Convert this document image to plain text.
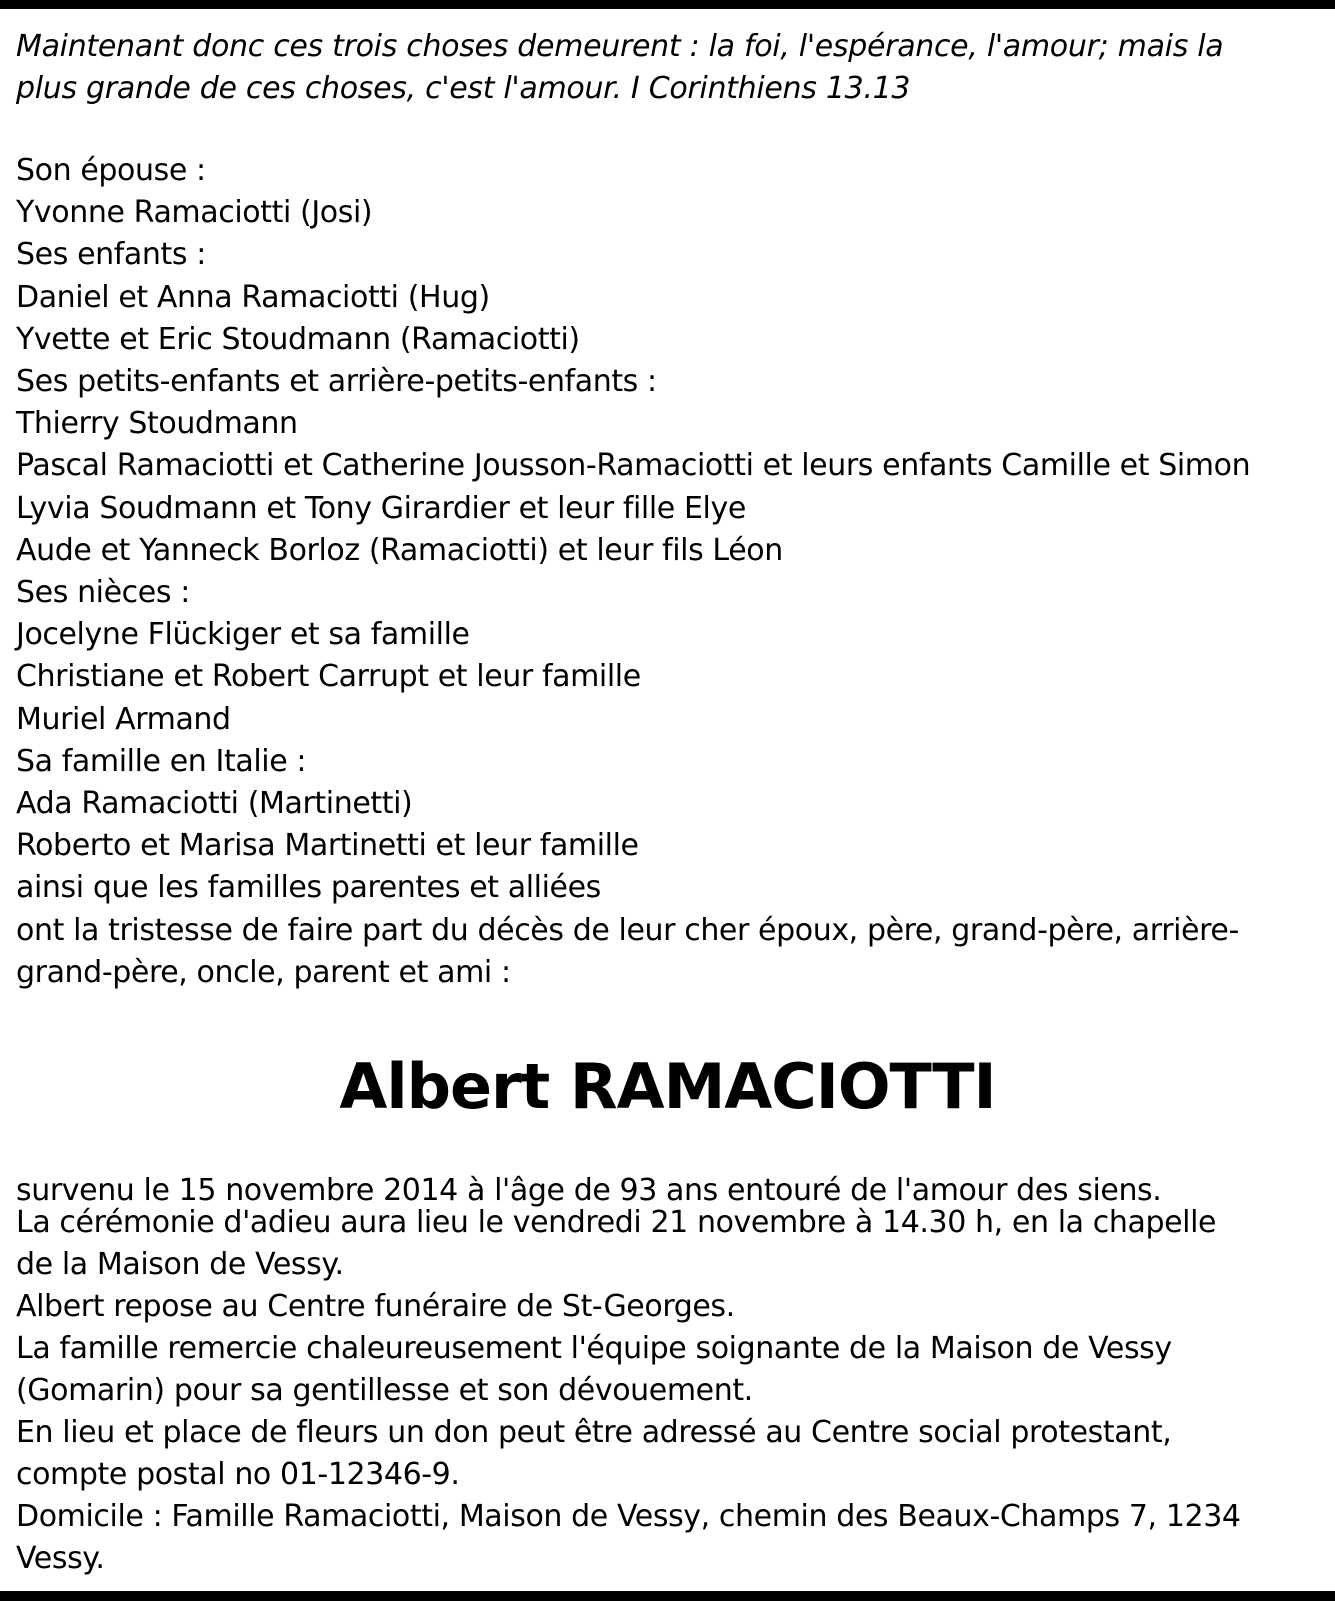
Maintenant donc ces trois choses demeurent : la foi, l'espérance, l'amour; mais la
plus grande de ces choses, c'est l'amour. I Corinthiens 13.13
Son épouse :
Yvonne Ramaciotti (Josi)
Ses enfants :
Daniel et Anna Ramaciotti (Hug)
Yvette et Eric Stoudmann (Ramaciotti)
Ses petits-enfants et arrière-petits-enfants :
Thierry Stoudmann
Pascal Ramaciotti et Catherine Jousson-Ramaciotti et leurs enfants Camille et Simon
Lyvia Soudmann et Tony Girardier et leur fille Elye
Aude et Yanneck Borloz (Ramaciotti) et leur fils Léon
Ses nièces :
Jocelyne Flückiger et sa famille
Christiane et Robert Carrupt et leur famille
Muriel Armand
Sa famille en Italie :
Ada Ramaciotti (Martinetti)
Roberto et Marisa Martinetti et leur famille
ainsi que les familles parentes et alliées
ont la tristesse de faire part du décès de leur cher époux, père, grand-père, arrière-
grand-père, oncle, parent et ami :
Albert RAMACIOTTI
survenu le 15 novembre 2014 à l'âge de 93 ans entouré de l'amour des siens.
La cérémonie d'adieu aura lieu le vendredi 21 novembre à 14.30 h, en la chapelle
de la Maison de Vessy.
Albert repose au Centre funéraire de St-Georges.
La famille remercie chaleureusement l'équipe soignante de la Maison de Vessy
(Gomarin) pour sa gentillesse et son dévouement.
En lieu et place de fleurs un don peut être adressé au Centre social protestant,
compte postal no 01-12346-9.
Domicile : Famille Ramaciotti, Maison de Vessy, chemin des Beaux-Champs 7, 1234
Vessy.
